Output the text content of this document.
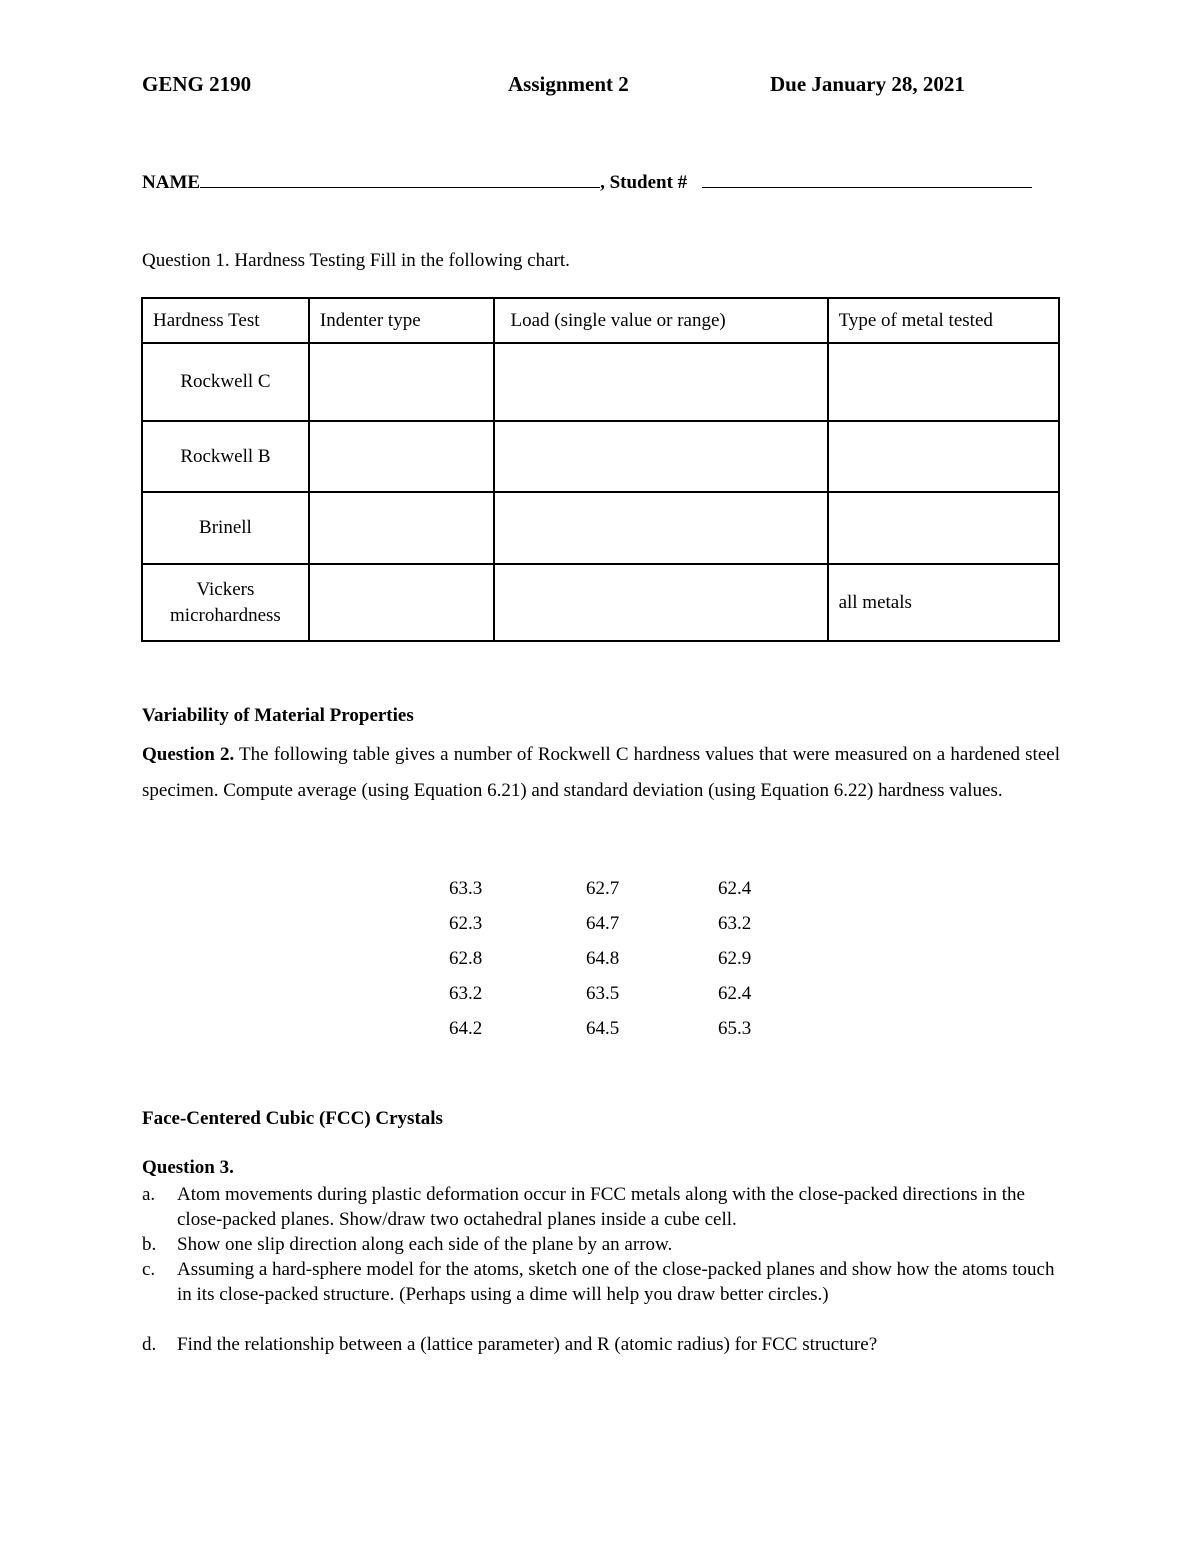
GENG 2190	Assignment 2	Due January 28, 2021
NAME	, Student #
Question 1. Hardness Testing Fill in the following chart.
Hardness Test	Indenter type	Load (single value or range)	Type of metal tested
Rockwell C			
Rockwell B			
Brinell			
Vickers microhardness			all metals
Variability of Material Properties
Question 2. The following table gives a number of Rockwell C hardness values that were measured on a hardened steel specimen. Compute average (using Equation 6.21) and standard deviation (using Equation 6.22) hardness values.
63.3	62.7	62.4
62.3	64.7	63.2
62.8	64.8	62.9
63.2	63.5	62.4
64.2	64.5	65.3
Face-Centered Cubic (FCC) Crystals
Question 3.
a. Atom movements during plastic deformation occur in FCC metals along with the close-packed directions in the close-packed planes. Show/draw two octahedral planes inside a cube cell.
b. Show one slip direction along each side of the plane by an arrow.
c. Assuming a hard-sphere model for the atoms, sketch one of the close-packed planes and show how the atoms touch in its close-packed structure. (Perhaps using a dime will help you draw better circles.)
d. Find the relationship between a (lattice parameter) and R (atomic radius) for FCC structure?
